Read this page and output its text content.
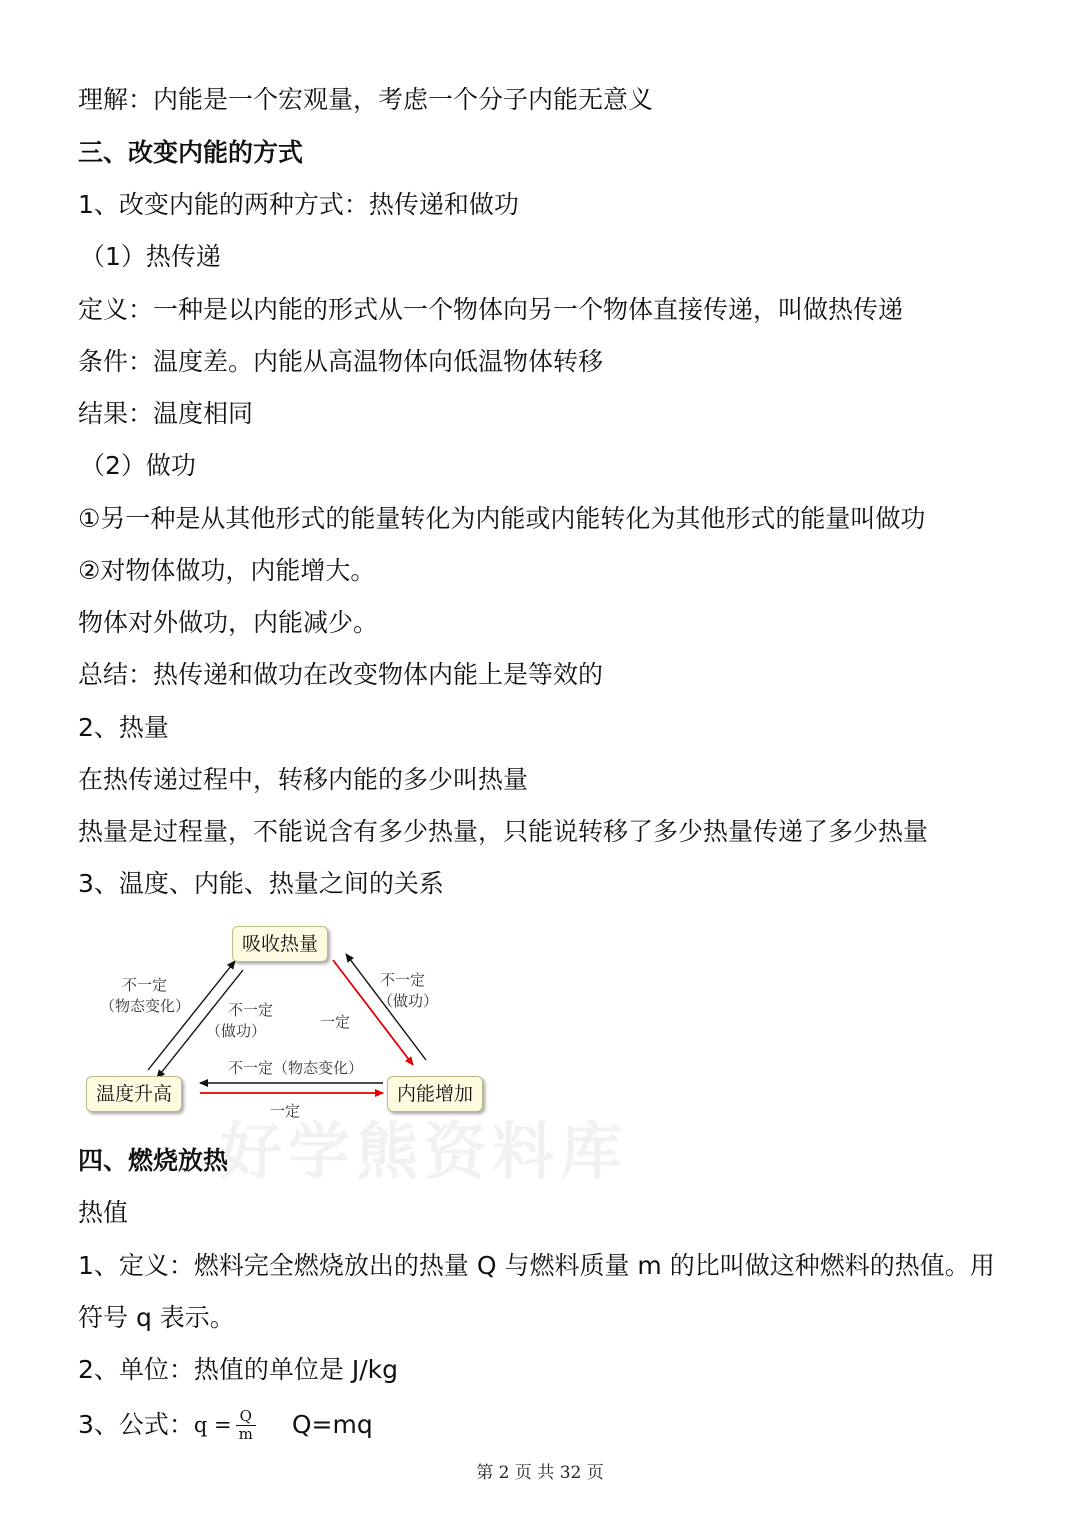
理解：内能是一个宏观量，考虑一个分子内能无意义
三、改变内能的方式
1、改变内能的两种方式：热传递和做功
（1）热传递
定义：一种是以内能的形式从一个物体向另一个物体直接传递，叫做热传递
条件：温度差。内能从高温物体向低温物体转移
结果：温度相同
（2）做功
①另一种是从其他形式的能量转化为内能或内能转化为其他形式的能量叫做功
②对物体做功，内能增大。
物体对外做功，内能减少。
总结：热传递和做功在改变物体内能上是等效的
2、热量
在热传递过程中，转移内能的多少叫热量
热量是过程量，不能说含有多少热量，只能说转移了多少热量传递了多少热量
3、温度、内能、热量之间的关系
吸收热量
温度升高	内能增加
不一定
（物态变化）	不一定
（做功）	一定
不一定
（做功）
不一定（物态变化）
一定
好学熊资料库
四、燃烧放热
热值
1、定义：燃料完全燃烧放出的热量 Q 与燃料质量 m 的比叫做这种燃料的热值。用
符号 q 表示。
2、单位：热值的单位是 J/kg
3、公式：$q = \frac{Q}{m} Q=mq$
第 2 页 共 32 页
